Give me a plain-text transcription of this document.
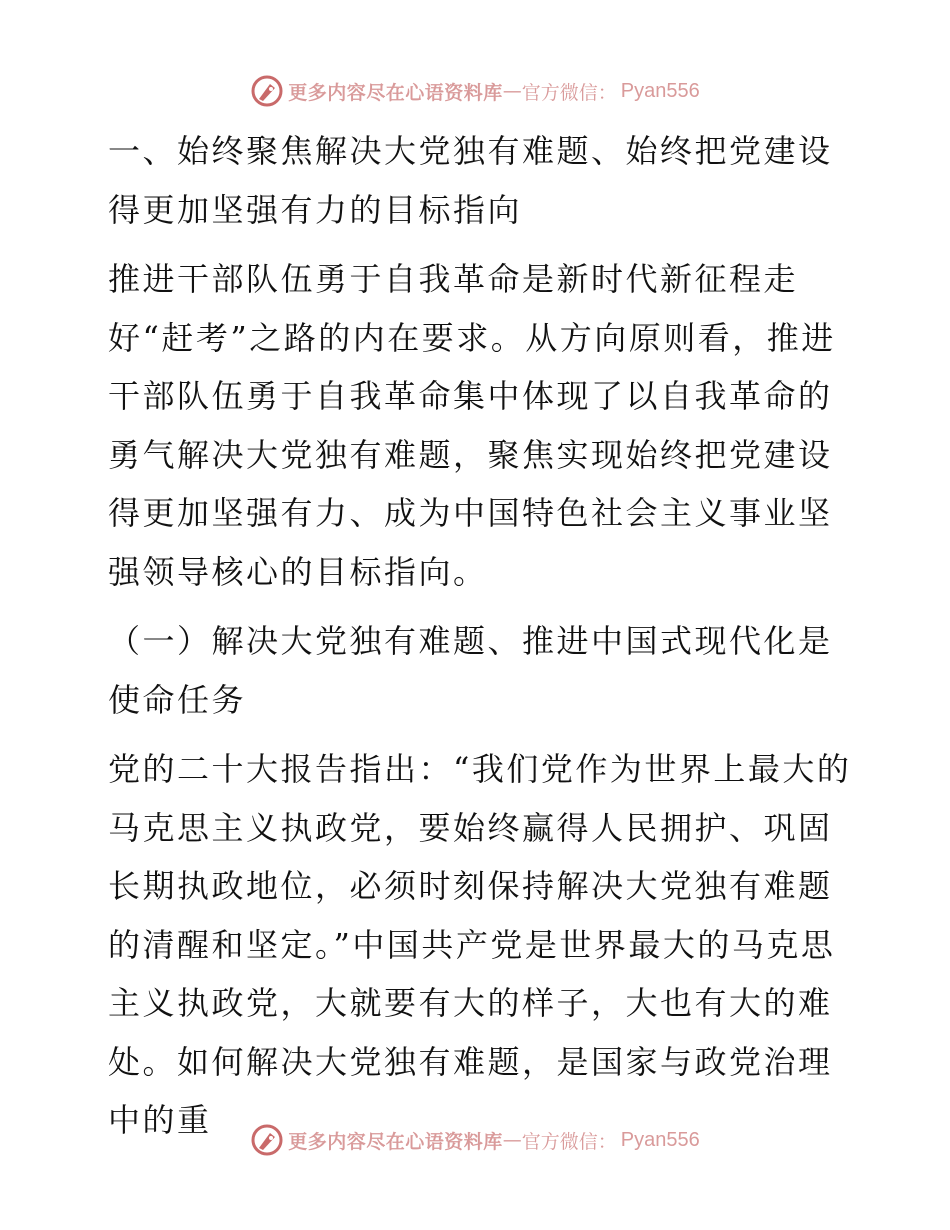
更多内容尽在心语资料库 — 官方微信： Pyan556

一、始终聚焦解决大党独有难题、始终把党建设得更加坚强有力的目标指向

推进干部队伍勇于自我革命是新时代新征程走好“赶考”之路的内在要求。从方向原则看，推进干部队伍勇于自我革命集中体现了以自我革命的勇气解决大党独有难题，聚焦实现始终把党建设得更加坚强有力、成为中国特色社会主义事业坚强领导核心的目标指向。

（一）解决大党独有难题、推进中国式现代化是使命任务

党的二十大报告指出：“我们党作为世界上最大的马克思主义执政党，要始终赢得人民拥护、巩固长期执政地位，必须时刻保持解决大党独有难题的清醒和坚定。”中国共产党是世界最大的马克思主义执政党，大就要有大的样子，大也有大的难处。如何解决大党独有难题，是国家与政党治理中的重

更多内容尽在心语资料库 — 官方微信： Pyan556
